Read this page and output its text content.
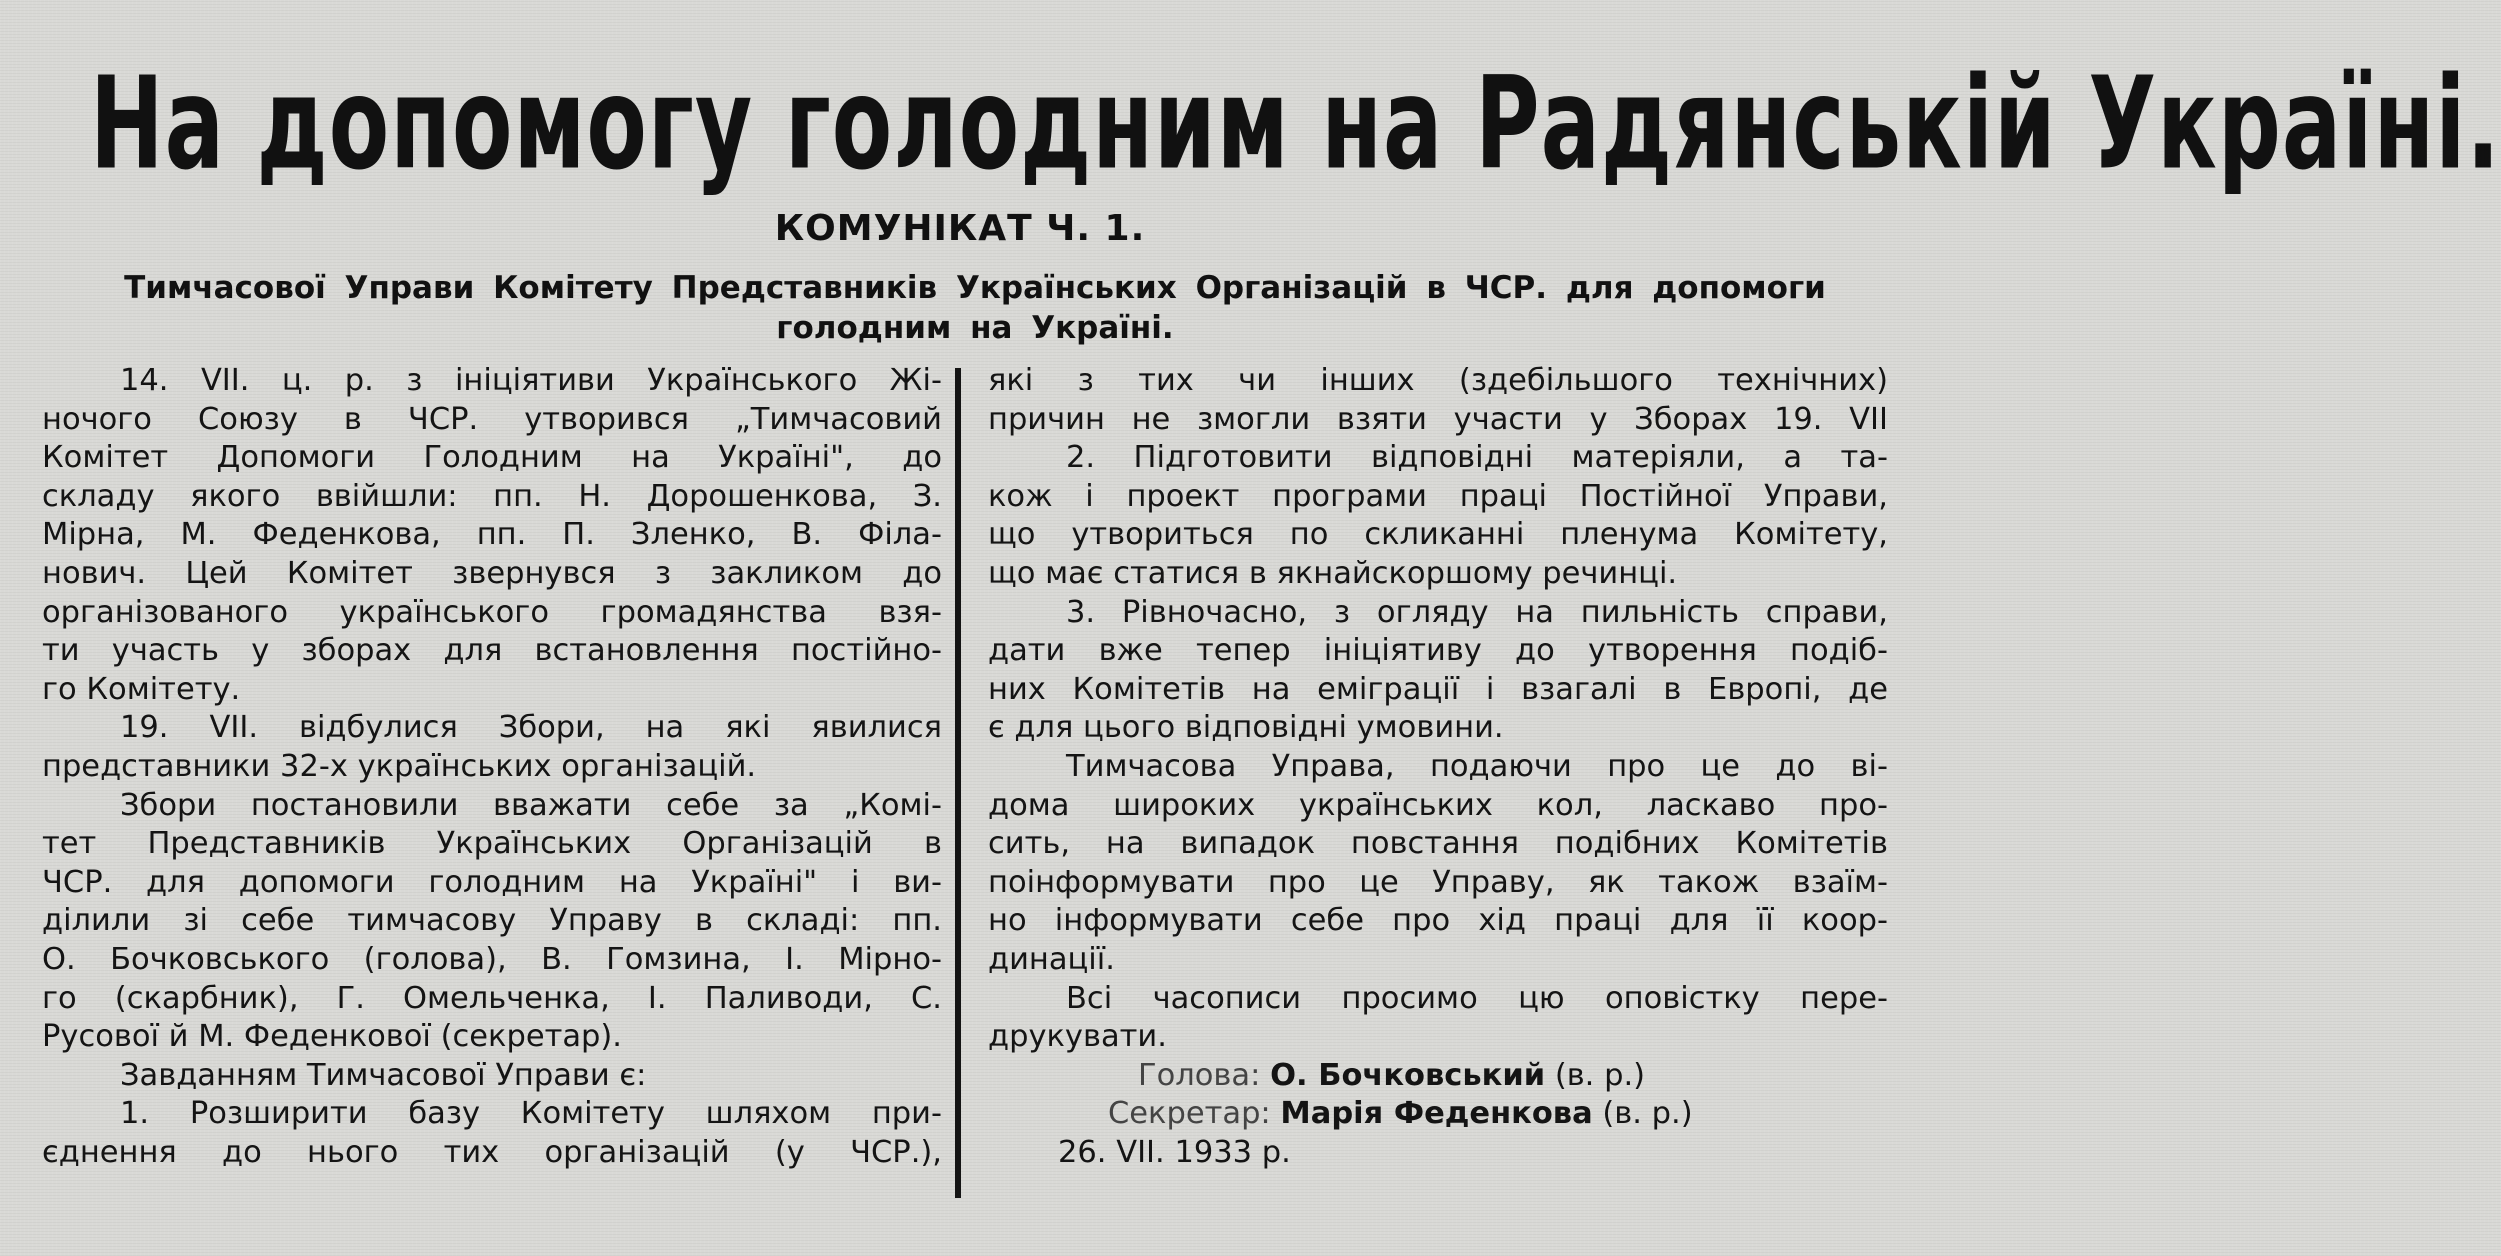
На допомогу голодним на Радянській Україні.
КОМУНІКАТ Ч. 1.
Тимчасової Управи Комітету Представників Українських Організацій в ЧСР. для допомоги
голодним на Україні.
14. VII. ц. р. з ініціятиви Українського Жі-
ночого Союзу в ЧСР. утворився „Тимчасовий
Комітет Допомоги Голодним на Україні", до
складу якого ввійшли: пп. Н. Дорошенкова, З.
Мірна, М. Феденкова, пп. П. Зленко, В. Філа-
нович. Цей Комітет звернувся з закликом до
організованого українського громадянства взя-
ти участь у зборах для встановлення постійно-
го Комітету.
19. VII. відбулися Збори, на які явилися
представники 32-х українських організацій.
Збори постановили вважати себе за „Комі-
тет Представників Українських Організацій в
ЧСР. для допомоги голодним на Україні" і ви-
ділили зі себе тимчасову Управу в складі: пп.
О. Бочковського (голова), В. Гомзина, І. Мірно-
го (скарбник), Г. Омельченка, І. Паливоди, С.
Русової й М. Феденкової (секретар).
Завданням Тимчасової Управи є:
1. Розширити базу Комітету шляхом при-
єднення до нього тих організацій (у ЧСР.),
які з тих чи інших (здебільшого технічних)
причин не змогли взяти участи у Зборах 19. VII
2. Підготовити відповідні матеріяли, а та-
кож і проект програми праці Постійної Управи,
що утвориться по скликанні пленума Комітету,
що має статися в якнайскоршому речинці.
3. Рівночасно, з огляду на пильність справи,
дати вже тепер ініціятиву до утворення подіб-
них Комітетів на еміграції і взагалі в Европі, де
є для цього відповідні умовини.
Тимчасова Управа, подаючи про це до ві-
дома широких українських кол, ласкаво про-
сить, на випадок повстання подібних Комітетів
поінформувати про це Управу, як також взаїм-
но інформувати себе про хід праці для її коор-
динації.
Всі часописи просимо цю оповістку пере-
друкувати.
Голова: О. Бочковський (в. р.)
Секретар: Марія Феденкова (в. р.)
26. VII. 1933 р.
